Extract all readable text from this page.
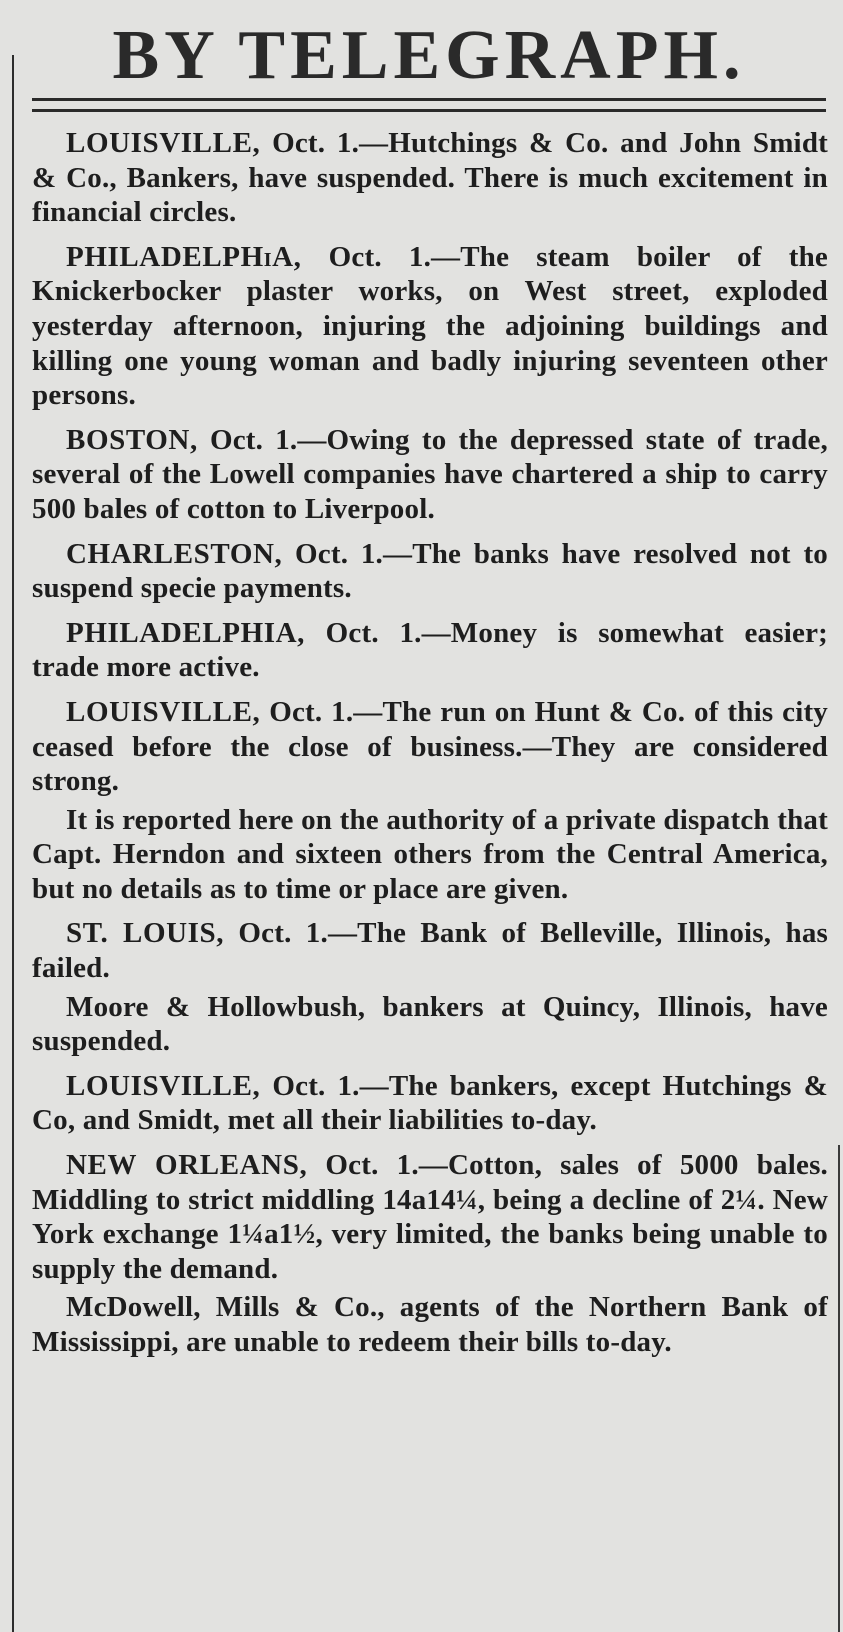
BY TELEGRAPH.

LOUISVILLE, Oct. 1.—Hutchings & Co. and John Smidt & Co., Bankers, have suspended. There is much excitement in financial circles.

PHILADELPHiA, Oct. 1.—The steam boiler of the Knickerbocker plaster works, on West street, exploded yesterday afternoon, injuring the adjoining buildings and killing one young woman and badly injuring seventeen other persons.

BOSTON, Oct. 1.—Owing to the depressed state of trade, several of the Lowell companies have chartered a ship to carry 500 bales of cotton to Liverpool.

CHARLESTON, Oct. 1.—The banks have resolved not to suspend specie payments.

PHILADELPHIA, Oct. 1.—Money is somewhat easier; trade more active.

LOUISVILLE, Oct. 1.—The run on Hunt & Co. of this city ceased before the close of business.—They are considered strong.

It is reported here on the authority of a private dispatch that Capt. Herndon and sixteen others from the Central America, but no details as to time or place are given.

ST. LOUIS, Oct. 1.—The Bank of Belleville, Illinois, has failed.

Moore & Hollowbush, bankers at Quincy, Illinois, have suspended.

LOUISVILLE, Oct. 1.—The bankers, except Hutchings & Co, and Smidt, met all their liabilities to-day.

NEW ORLEANS, Oct. 1.—Cotton, sales of 5000 bales. Middling to strict middling 14a14¼, being a decline of 2¼. New York exchange 1¼a1½, very limited, the banks being unable to supply the demand.

McDowell, Mills & Co., agents of the Northern Bank of Mississippi, are unable to redeem their bills to-day.
